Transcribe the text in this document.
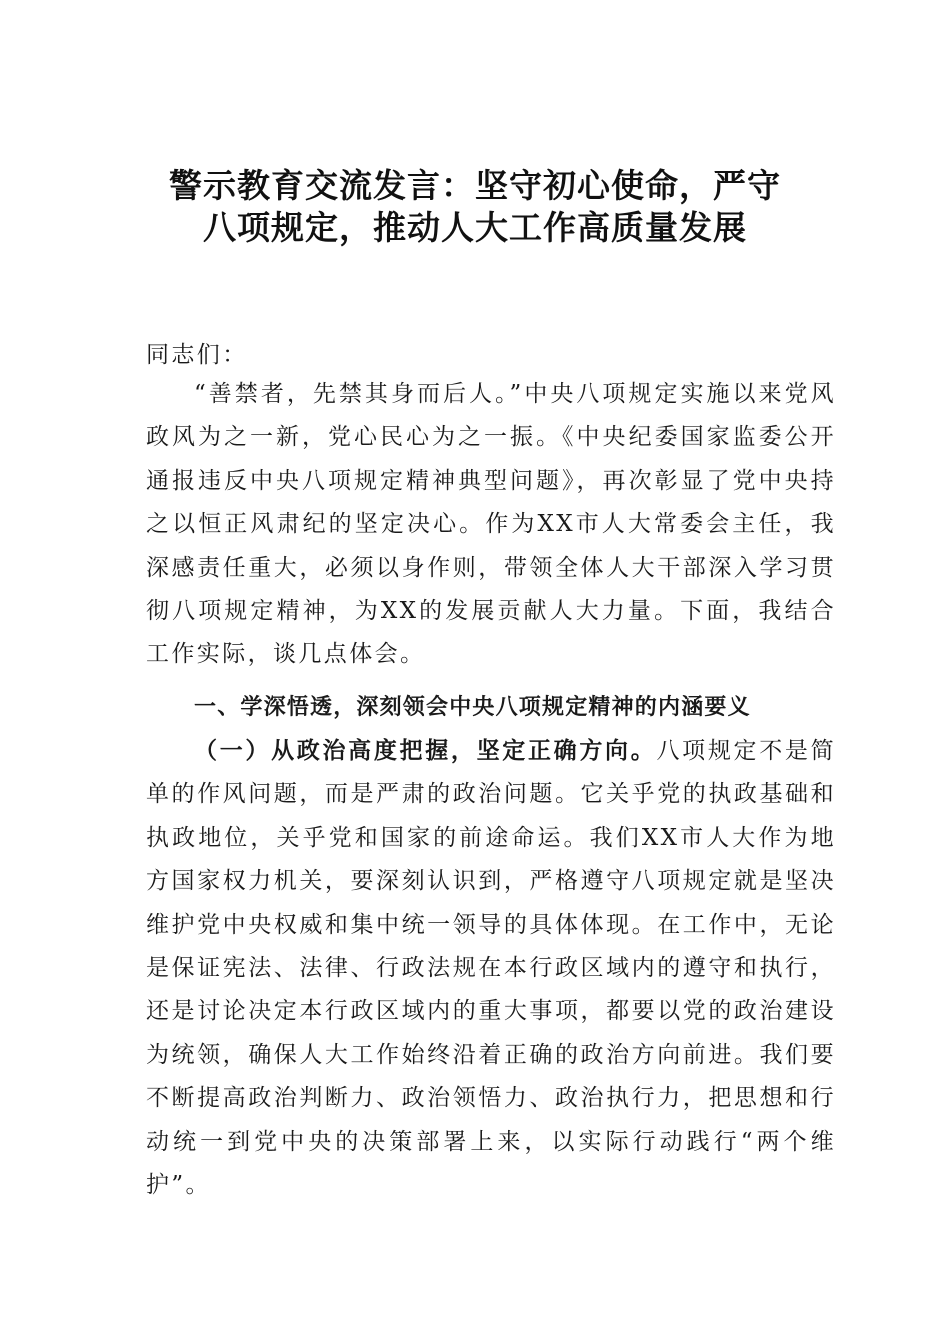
警示教育交流发言：坚守初心使命，严守
八项规定，推动人大工作高质量发展
同志们：
“善禁者，先禁其身而后人。”中央八项规定实施以来党风政风为之一新，党心民心为之一振。《中央纪委国家监委公开通报违反中央八项规定精神典型问题》，再次彰显了党中央持之以恒正风肃纪的坚定决心。作为XX市人大常委会主任，我深感责任重大，必须以身作则，带领全体人大干部深入学习贯彻八项规定精神，为XX的发展贡献人大力量。下面，我结合工作实际，谈几点体会。
一、学深悟透，深刻领会中央八项规定精神的内涵要义
（一）从政治高度把握，坚定正确方向。八项规定不是简单的作风问题，而是严肃的政治问题。它关乎党的执政基础和执政地位，关乎党和国家的前途命运。我们XX市人大作为地方国家权力机关，要深刻认识到，严格遵守八项规定就是坚决维护党中央权威和集中统一领导的具体体现。在工作中，无论是保证宪法、法律、行政法规在本行政区域内的遵守和执行，还是讨论决定本行政区域内的重大事项，都要以党的政治建设为统领，确保人大工作始终沿着正确的政治方向前进。我们要不断提高政治判断力、政治领悟力、政治执行力，把思想和行动统一到党中央的决策部署上来，以实际行动践行“两个维护”。
